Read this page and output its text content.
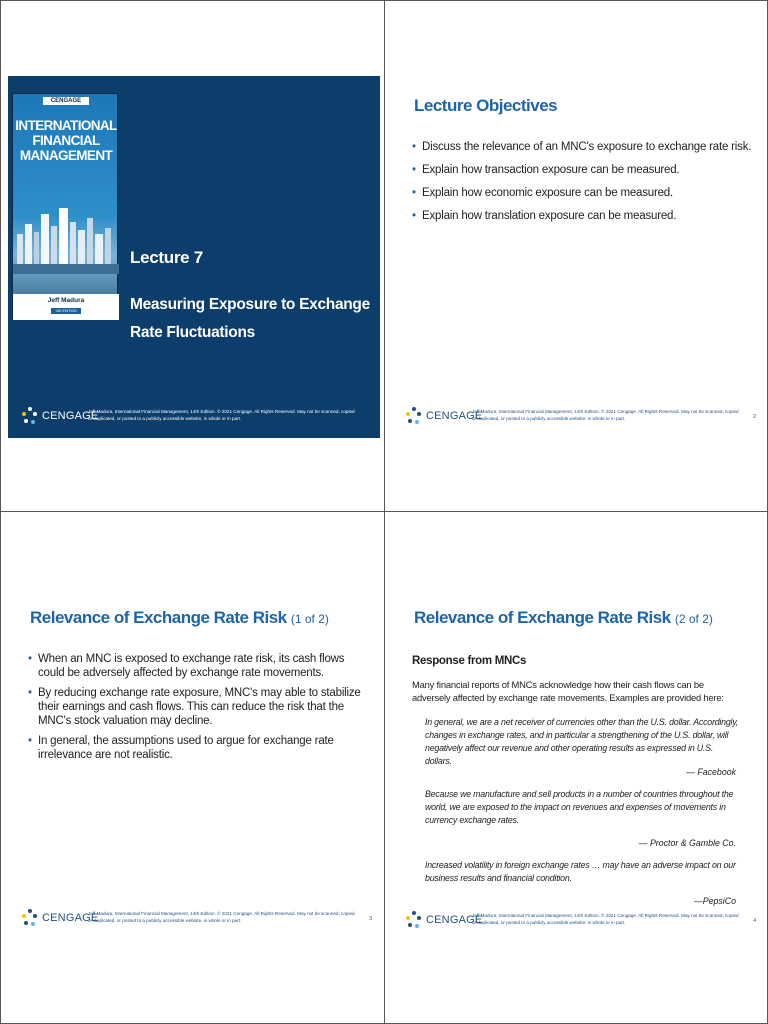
CENGAGE
INTERNATIONAL
FINANCIAL
MANAGEMENT
Jeff Madura
14E EDITION
Lecture 7
Measuring Exposure to Exchange
Rate Fluctuations
CENGAGE
Jeff Madura, International Financial Management, 14th Edition. © 2021 Cengage. All Rights Reserved. May not be scanned, copied or duplicated, or posted to a publicly accessible website, in whole or in part.
Lecture Objectives
• Discuss the relevance of an MNC's exposure to exchange rate risk.
• Explain how transaction exposure can be measured.
• Explain how economic exposure can be measured.
• Explain how translation exposure can be measured.
CENGAGE
Jeff Madura, International Financial Management, 14th Edition. © 2021 Cengage. All Rights Reserved. May not be scanned, copied or duplicated, or posted to a publicly accessible website, in whole or in part.	2
Relevance of Exchange Rate Risk (1 of 2)
• When an MNC is exposed to exchange rate risk, its cash flows could be adversely affected by exchange rate movements.
• By reducing exchange rate exposure, MNC's may able to stabilize their earnings and cash flows. This can reduce the risk that the MNC's stock valuation may decline.
• In general, the assumptions used to argue for exchange rate irrelevance are not realistic.
CENGAGE
Jeff Madura, International Financial Management, 14th Edition. © 2021 Cengage. All Rights Reserved. May not be scanned, copied or duplicated, or posted to a publicly accessible website, in whole or in part.	3
Relevance of Exchange Rate Risk (2 of 2)
Response from MNCs
Many financial reports of MNCs acknowledge how their cash flows can be adversely affected by exchange rate movements. Examples are provided here:
In general, we are a net receiver of currencies other than the U.S. dollar. Accordingly, changes in exchange rates, and in particular a strengthening of the U.S. dollar, will negatively affect our revenue and other operating results as expressed in U.S. dollars.
— Facebook
Because we manufacture and sell products in a number of countries throughout the world, we are exposed to the impact on revenues and expenses of movements in currency exchange rates.
— Proctor & Gamble Co.
Increased volatility in foreign exchange rates … may have an adverse impact on our business results and financial condition.
—PepsiCo
CENGAGE
Jeff Madura, International Financial Management, 14th Edition. © 2021 Cengage. All Rights Reserved. May not be scanned, copied or duplicated, or posted to a publicly accessible website, in whole or in part.	4
